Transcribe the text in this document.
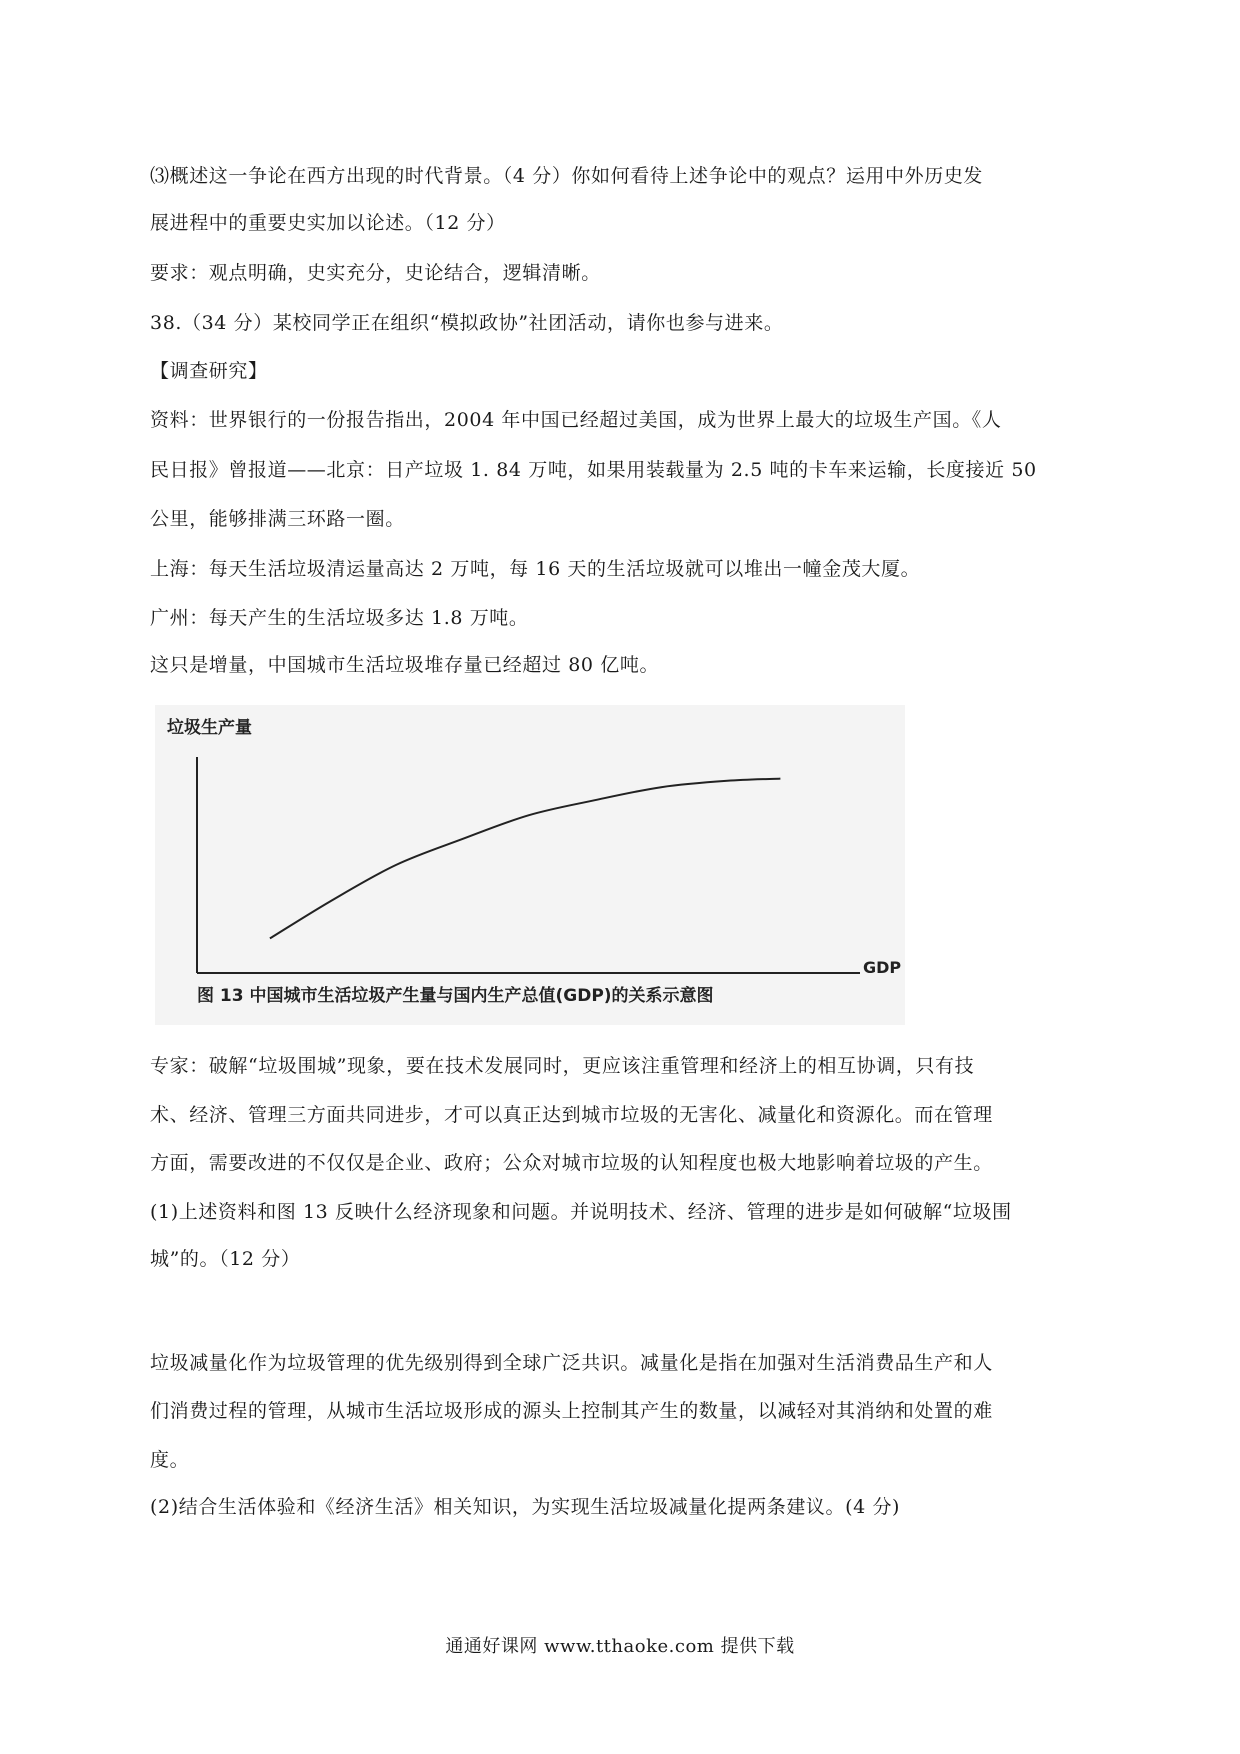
⑶概述这一争论在西方出现的时代背景。（4 分）你如何看待上述争论中的观点？运用中外历史发
展进程中的重要史实加以论述。（12 分）
要求：观点明确，史实充分，史论结合，逻辑清晰。
38.（34 分）某校同学正在组织“模拟政协”社团活动，请你也参与进来。
【调查研究】
资料：世界银行的一份报告指出，2004 年中国已经超过美国，成为世界上最大的垃圾生产国。《人
民日报》曾报道——北京：日产垃圾 1. 84 万吨，如果用装载量为 2.5 吨的卡车来运输，长度接近 50
公里，能够排满三环路一圈。
上海：每天生活垃圾清运量高达 2 万吨，每 16 天的生活垃圾就可以堆出一幢金茂大厦。
广州：每天产生的生活垃圾多达 1.8 万吨。
这只是增量，中国城市生活垃圾堆存量已经超过 80 亿吨。
垃圾生产量
GDP
图 13 中国城市生活垃圾产生量与国内生产总值(GDP)的关系示意图
专家：破解“垃圾围城”现象，要在技术发展同时，更应该注重管理和经济上的相互协调，只有技
术、经济、管理三方面共同进步，才可以真正达到城市垃圾的无害化、减量化和资源化。而在管理
方面，需要改进的不仅仅是企业、政府；公众对城市垃圾的认知程度也极大地影响着垃圾的产生。
(1)上述资料和图 13 反映什么经济现象和问题。并说明技术、经济、管理的进步是如何破解“垃圾围
城”的。（12 分）
垃圾减量化作为垃圾管理的优先级别得到全球广泛共识。减量化是指在加强对生活消费品生产和人
们消费过程的管理，从城市生活垃圾形成的源头上控制其产生的数量，以减轻对其消纳和处置的难
度。
(2)结合生活体验和《经济生活》相关知识，为实现生活垃圾减量化提两条建议。(4 分)
通通好课网 www.tthaoke.com 提供下载
